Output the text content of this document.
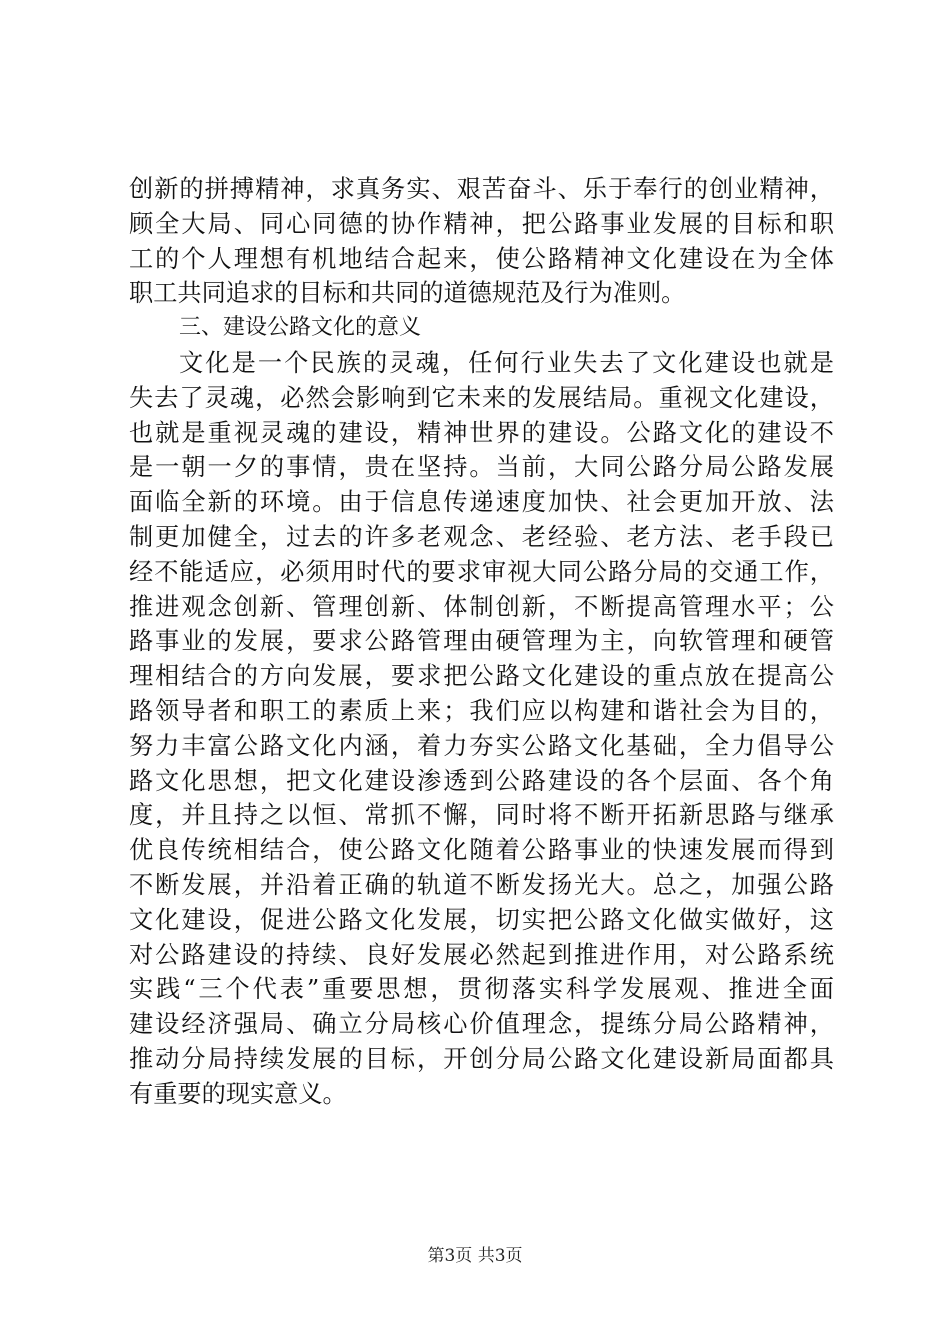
创新的拼搏精神，求真务实、艰苦奋斗、乐于奉行的创业精神，
顾全大局、同心同德的协作精神，把公路事业发展的目标和职
工的个人理想有机地结合起来，使公路精神文化建设在为全体
职工共同追求的目标和共同的道德规范及行为准则。
三、建设公路文化的意义
文化是一个民族的灵魂，任何行业失去了文化建设也就是
失去了灵魂，必然会影响到它未来的发展结局。重视文化建设，
也就是重视灵魂的建设，精神世界的建设。公路文化的建设不
是一朝一夕的事情，贵在坚持。当前，大同公路分局公路发展
面临全新的环境。由于信息传递速度加快、社会更加开放、法
制更加健全，过去的许多老观念、老经验、老方法、老手段已
经不能适应，必须用时代的要求审视大同公路分局的交通工作，
推进观念创新、管理创新、体制创新，不断提高管理水平；公
路事业的发展，要求公路管理由硬管理为主，向软管理和硬管
理相结合的方向发展，要求把公路文化建设的重点放在提高公
路领导者和职工的素质上来；我们应以构建和谐社会为目的，
努力丰富公路文化内涵，着力夯实公路文化基础，全力倡导公
路文化思想，把文化建设渗透到公路建设的各个层面、各个角
度，并且持之以恒、常抓不懈，同时将不断开拓新思路与继承
优良传统相结合，使公路文化随着公路事业的快速发展而得到
不断发展，并沿着正确的轨道不断发扬光大。总之，加强公路
文化建设，促进公路文化发展，切实把公路文化做实做好，这
对公路建设的持续、良好发展必然起到推进作用，对公路系统
实践“三个代表”重要思想，贯彻落实科学发展观、推进全面
建设经济强局、确立分局核心价值理念，提练分局公路精神，
推动分局持续发展的目标，开创分局公路文化建设新局面都具
有重要的现实意义。
第3页 共3页
